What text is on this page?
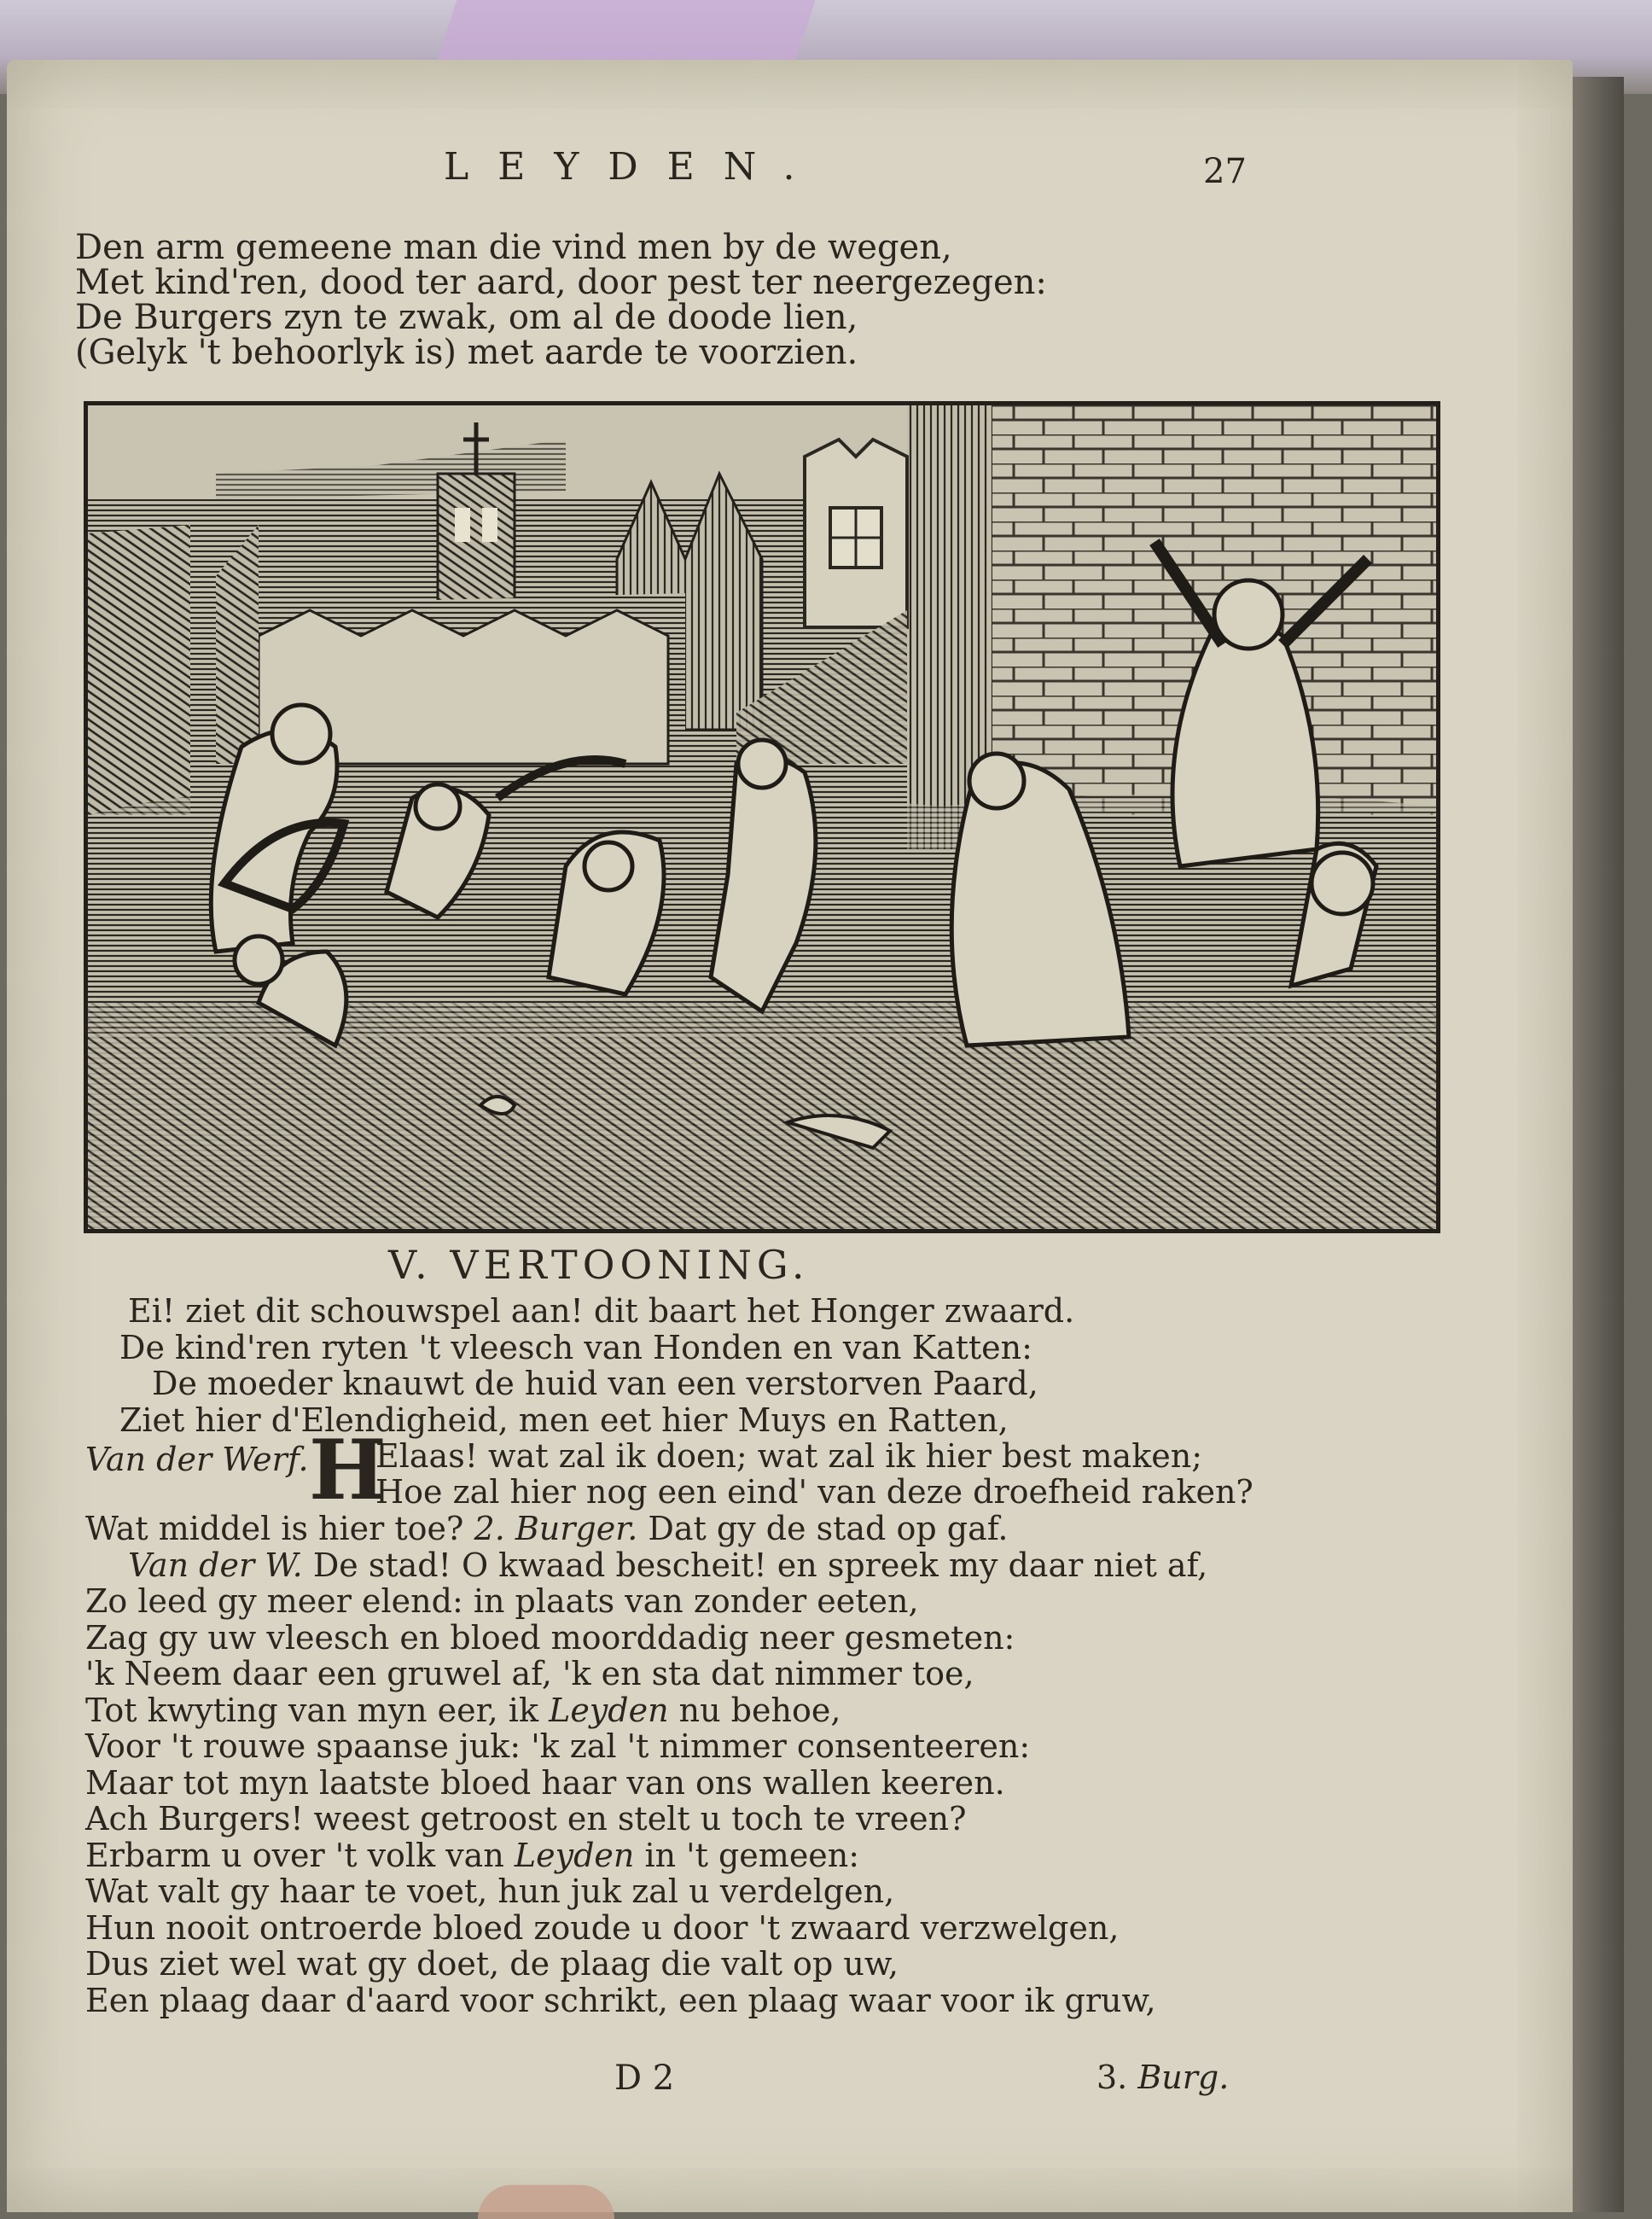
LEYDEN.	27
Den arm gemeene man die vind men by de wegen,
Met kind'ren, dood ter aard, door pest ter neergezegen:
De Burgers zyn te zwak, om al de doode lien,
(Gelyk 't behoorlyk is) met aarde te voorzien.
V. VERTOONING.
Ei! ziet dit schouwspel aan! dit baart het Honger zwaard.
De kind'ren ryten 't vleesch van Honden en van Katten:
De moeder knauwt de huid van een verstorven Paard,
Ziet hier d'Elendigheid, men eet hier Muys en Ratten,
Van der Werf. H
Elaas! wat zal ik doen; wat zal ik hier best maken;
Hoe zal hier nog een eind' van deze droefheid raken?
Wat middel is hier toe? 2. Burger. Dat gy de stad op gaf.
Van der W. De stad! O kwaad bescheit! en spreek my daar niet af,
Zo leed gy meer elend: in plaats van zonder eeten,
Zag gy uw vleesch en bloed moorddadig neer gesmeten:
'k Neem daar een gruwel af, 'k en sta dat nimmer toe,
Tot kwyting van myn eer, ik Leyden nu behoe,
Voor 't rouwe spaanse juk: 'k zal 't nimmer consenteeren:
Maar tot myn laatste bloed haar van ons wallen keeren.
Ach Burgers! weest getroost en stelt u toch te vreen?
Erbarm u over 't volk van Leyden in 't gemeen:
Wat valt gy haar te voet, hun juk zal u verdelgen,
Hun nooit ontroerde bloed zoude u door 't zwaard verzwelgen,
Dus ziet wel wat gy doet, de plaag die valt op uw,
Een plaag daar d'aard voor schrikt, een plaag waar voor ik gruw,
D 2	3. Burg.
